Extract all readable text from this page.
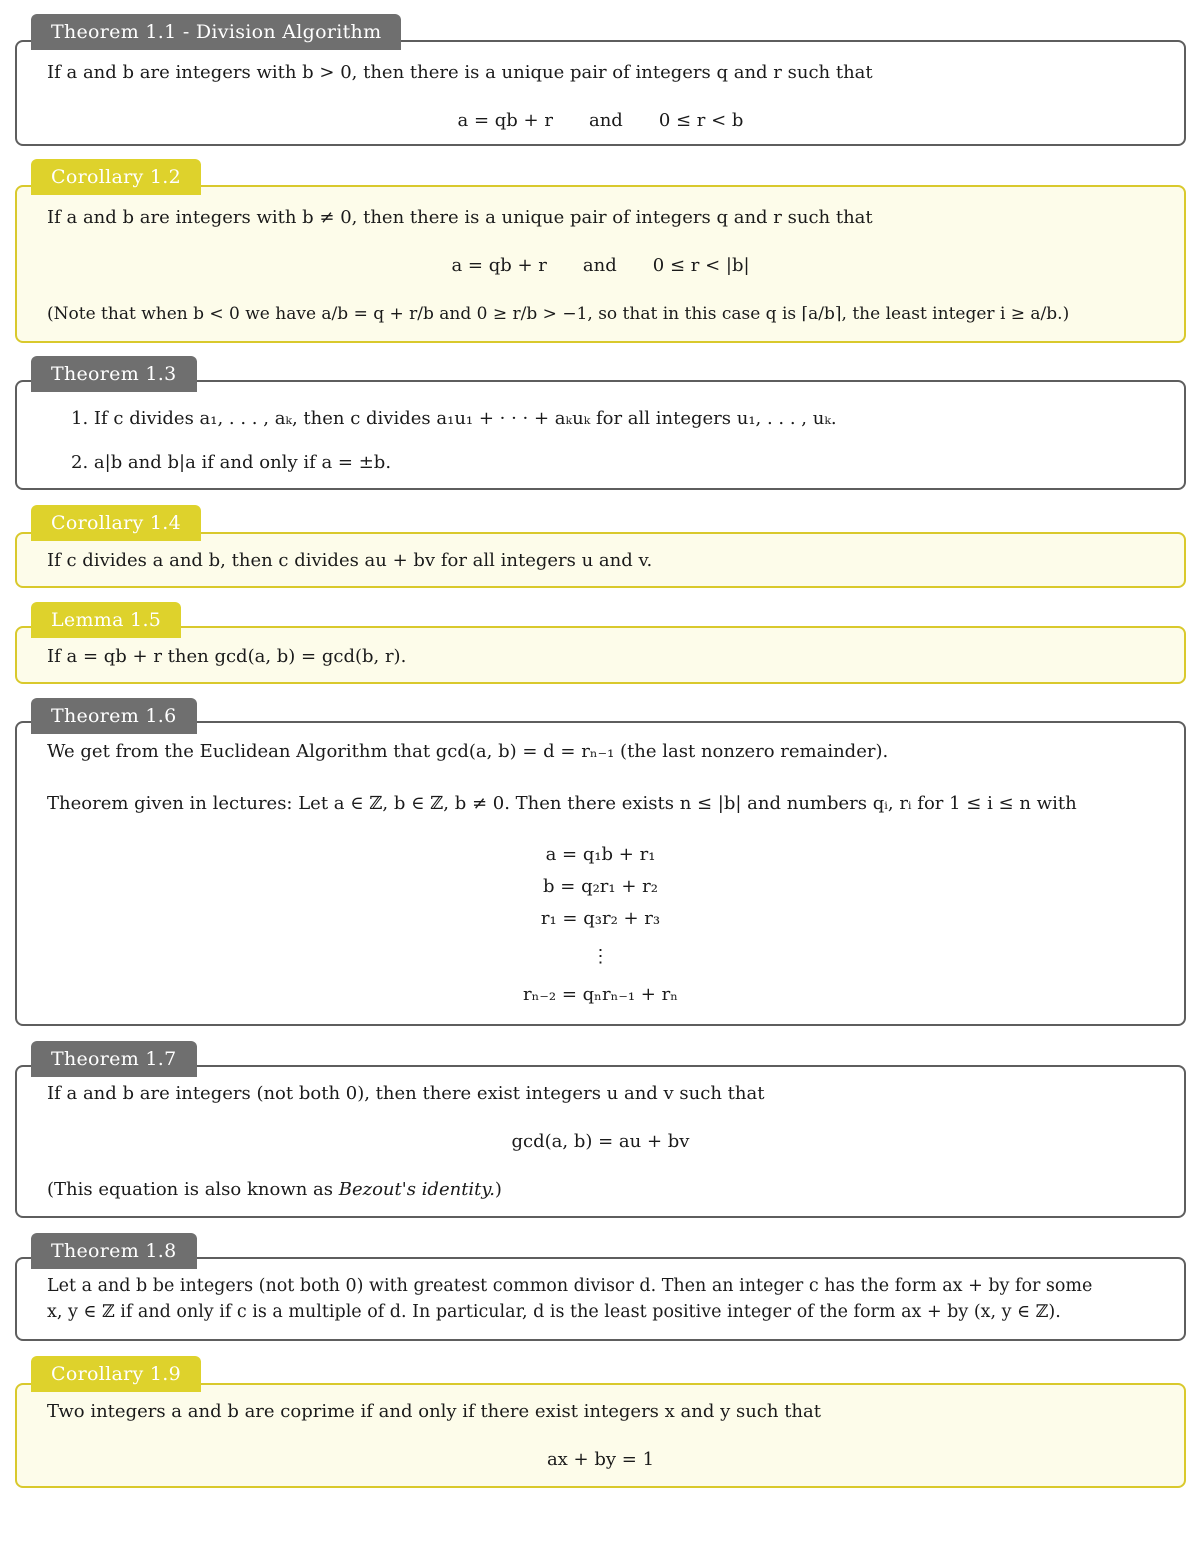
If a and b are integers with b > 0, then there is a unique pair of integers q and r such that

a = qb + r and 0 ≤ r < b

Theorem 1.1 - Division Algorithm

If a and b are integers with b ≠ 0, then there is a unique pair of integers q and r such that

a = qb + r and 0 ≤ r < |b|

(Note that when b < 0 we have a/b = q + r/b and 0 ≥ r/b > −1, so that in this case q is ⌈a/b⌉, the least integer i ≥ a/b.)

Corollary 1.2

1. If c divides a₁, . . . , aₖ, then c divides a₁u₁ + · · · + aₖuₖ for all integers u₁, . . . , uₖ.

2. a|b and b|a if and only if a = ±b.

Theorem 1.3

If c divides a and b, then c divides au + bv for all integers u and v.

Corollary 1.4

If a = qb + r then gcd(a, b) = gcd(b, r).

Lemma 1.5

We get from the Euclidean Algorithm that gcd(a, b) = d = rₙ₋₁ (the last nonzero remainder).

Theorem given in lectures: Let a ∈ ℤ, b ∈ ℤ, b ≠ 0. Then there exists n ≤ |b| and numbers qᵢ, rᵢ for 1 ≤ i ≤ n with

a = q₁b + r₁
b = q₂r₁ + r₂
r₁ = q₃r₂ + r₃
⋮
rₙ₋₂ = qₙrₙ₋₁ + rₙ
Theorem 1.6

If a and b are integers (not both 0), then there exist integers u and v such that

gcd(a, b) = au + bv

(This equation is also known as Bezout's identity.)

Theorem 1.7

Let a and b be integers (not both 0) with greatest common divisor d. Then an integer c has the form ax + by for some

x, y ∈ ℤ if and only if c is a multiple of d. In particular, d is the least positive integer of the form ax + by (x, y ∈ ℤ).

Theorem 1.8

Two integers a and b are coprime if and only if there exist integers x and y such that

ax + by = 1

Corollary 1.9
